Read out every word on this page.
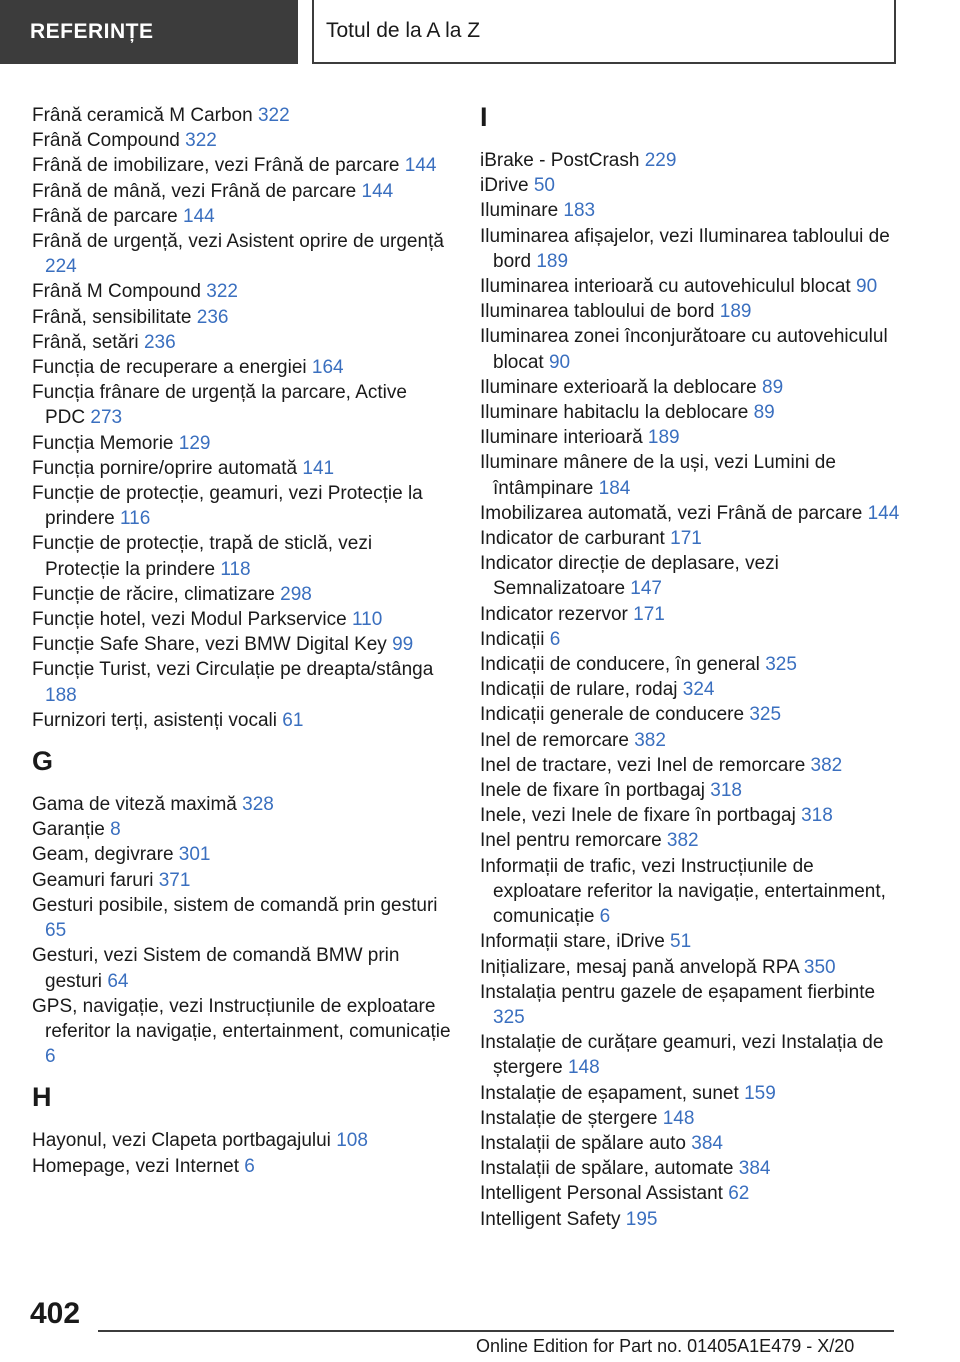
REFERINȚE	Totul de la A la Z
Frână ceramică M Carbon 322
Frână Compound 322
Frână de imobilizare, vezi Frână de parcare 144
Frână de mână, vezi Frână de parcare 144
Frână de parcare 144
Frână de urgență, vezi Asistent oprire de urgență 224
Frână M Compound 322
Frână, sensibilitate 236
Frână, setări 236
Funcția de recuperare a energiei 164
Funcția frânare de urgență la parcare, Active PDC 273
Funcția Memorie 129
Funcția pornire/oprire automată 141
Funcție de protecție, geamuri, vezi Protecție la prindere 116
Funcție de protecție, trapă de sticlă, vezi Protecție la prindere 118
Funcție de răcire, climatizare 298
Funcție hotel, vezi Modul Parkservice 110
Funcție Safe Share, vezi BMW Digital Key 99
Funcție Turist, vezi Circulație pe dreapta/stânga 188
Furnizori terți, asistenți vocali 61
G
Gama de viteză maximă 328
Garanție 8
Geam, degivrare 301
Geamuri faruri 371
Gesturi posibile, sistem de comandă prin gesturi 65
Gesturi, vezi Sistem de comandă BMW prin gesturi 64
GPS, navigație, vezi Instrucțiunile de exploatare referitor la navigație, entertainment, comunicație 6
H
Hayonul, vezi Clapeta portbagajului 108
Homepage, vezi Internet 6
I
iBrake - PostCrash 229
iDrive 50
Iluminare 183
Iluminarea afișajelor, vezi Iluminarea tabloului de bord 189
Iluminarea interioară cu autovehiculul blocat 90
Iluminarea tabloului de bord 189
Iluminarea zonei înconjurătoare cu autovehiculul blocat 90
Iluminare exterioară la deblocare 89
Iluminare habitaclu la deblocare 89
Iluminare interioară 189
Iluminare mânere de la uși, vezi Lumini de întâmpinare 184
Imobilizarea automată, vezi Frână de parcare 144
Indicator de carburant 171
Indicator direcție de deplasare, vezi Semnalizatoare 147
Indicator rezervor 171
Indicații 6
Indicații de conducere, în general 325
Indicații de rulare, rodaj 324
Indicații generale de conducere 325
Inel de remorcare 382
Inel de tractare, vezi Inel de remorcare 382
Inele de fixare în portbagaj 318
Inele, vezi Inele de fixare în portbagaj 318
Inel pentru remorcare 382
Informații de trafic, vezi Instrucțiunile de exploatare referitor la navigație, entertainment, comunicație 6
Informații stare, iDrive 51
Inițializare, mesaj pană anvelopă RPA 350
Instalația pentru gazele de eșapament fierbinte 325
Instalație de curățare geamuri, vezi Instalația de ștergere 148
Instalație de eșapament, sunet 159
Instalație de ștergere 148
Instalații de spălare auto 384
Instalații de spălare, automate 384
Intelligent Personal Assistant 62
Intelligent Safety 195
402
Online Edition for Part no. 01405A1E479 - X/20
